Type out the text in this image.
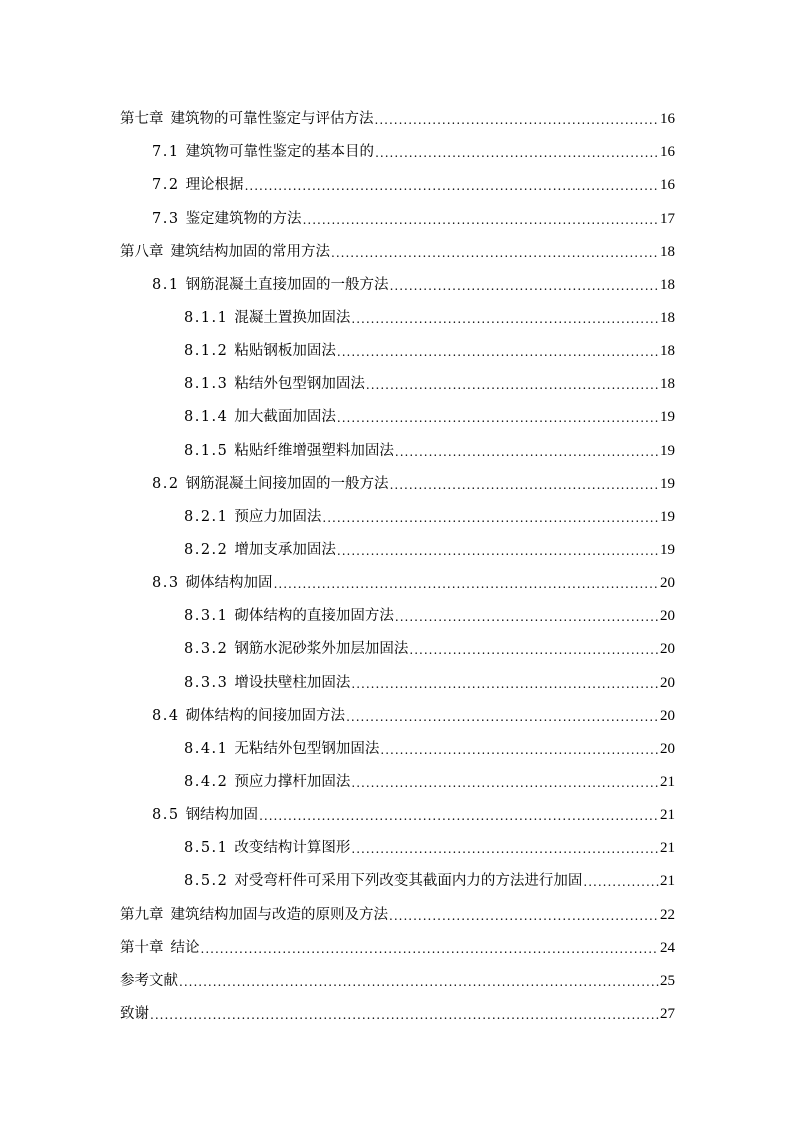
第七章 建筑物的可靠性鉴定与评估方法 .....	16
7.1 建筑物可靠性鉴定的基本目的 .....	16
7.2 理论根据 .....	16
7.3 鉴定建筑物的方法 .....	17
第八章 建筑结构加固的常用方法 .....	18
8.1 钢筋混凝土直接加固的一般方法 .....	18
8.1.1 混凝土置换加固法 .....	18
8.1.2 粘贴钢板加固法 .....	18
8.1.3 粘结外包型钢加固法 .....	18
8.1.4 加大截面加固法 .....	19
8.1.5 粘贴纤维增强塑料加固法 .....	19
8.2 钢筋混凝土间接加固的一般方法 .....	19
8.2.1 预应力加固法 .....	19
8.2.2 增加支承加固法 .....	19
8.3 砌体结构加固 .....	20
8.3.1 砌体结构的直接加固方法 .....	20
8.3.2 钢筋水泥砂浆外加层加固法 .....	20
8.3.3 增设扶壁柱加固法 .....	20
8.4 砌体结构的间接加固方法 .....	20
8.4.1 无粘结外包型钢加固法 .....	20
8.4.2 预应力撑杆加固法 .....	21
8.5 钢结构加固 .....	21
8.5.1 改变结构计算图形 .....	21
8.5.2 对受弯杆件可采用下列改变其截面内力的方法进行加固 .....	21
第九章 建筑结构加固与改造的原则及方法 .....	22
第十章 结论 .....	24
参考文献 .....	25
致谢 .....	27
